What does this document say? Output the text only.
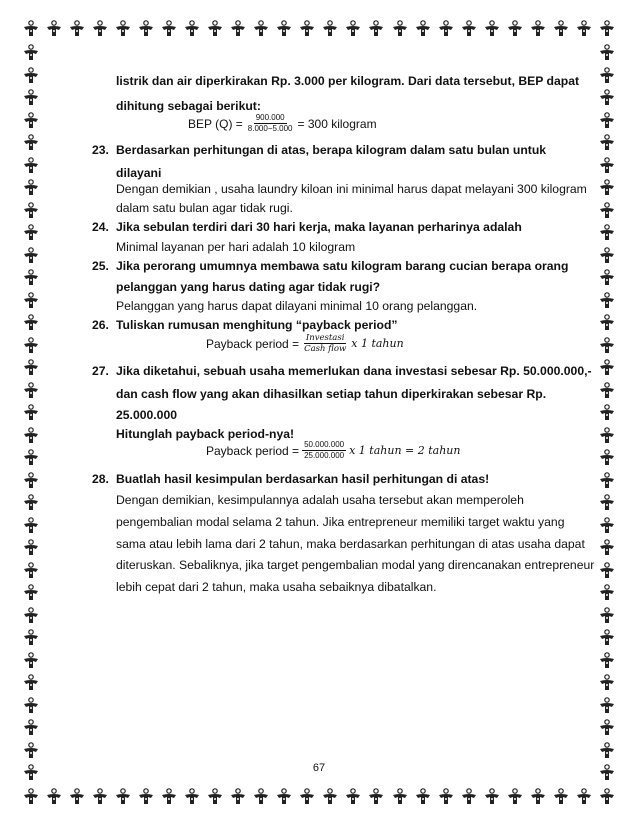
listrik dan air diperkirakan Rp. 3.000 per kilogram. Dari data tersebut, BEP dapat
dihitung sebagai berikut:
BEP $(Q) = \frac{900.000}{8.000-5.000} = 300$ kilogram
23. Berdasarkan perhitungan di atas, berapa kilogram dalam satu bulan untuk
dilayani
Dengan demikian , usaha laundry kiloan ini minimal harus dapat melayani 300 kilogram
dalam satu bulan agar tidak rugi.
24. Jika sebulan terdiri dari 30 hari kerja, maka layanan perharinya adalah
Minimal layanan per hari adalah 10 kilogram
25. Jika perorang umumnya membawa satu kilogram barang cucian berapa orang
pelanggan yang harus dating agar tidak rugi?
Pelanggan yang harus dapat dilayani minimal 10 orang pelanggan.
26. Tuliskan rumusan menghitung “payback period”
Payback period = $\frac{\text{Investasi}}{\text{Cash flow}}$ x 1 tahun
27. Jika diketahui, sebuah usaha memerlukan dana investasi sebesar Rp. 50.000.000,-
dan cash flow yang akan dihasilkan setiap tahun diperkirakan sebesar Rp.
25.000.000
Hitunglah payback period-nya!
Payback period = $\frac{50.000.000}{25.000.000}$ x 1 tahun = 2 tahun
28. Buatlah hasil kesimpulan berdasarkan hasil perhitungan di atas!
Dengan demikian, kesimpulannya adalah usaha tersebut akan memperoleh
pengembalian modal selama 2 tahun. Jika entrepreneur memiliki target waktu yang
sama atau lebih lama dari 2 tahun, maka berdasarkan perhitungan di atas usaha dapat
diteruskan. Sebaliknya, jika target pengembalian modal yang direncanakan entrepreneur
lebih cepat dari 2 tahun, maka usaha sebaiknya dibatalkan.
67
